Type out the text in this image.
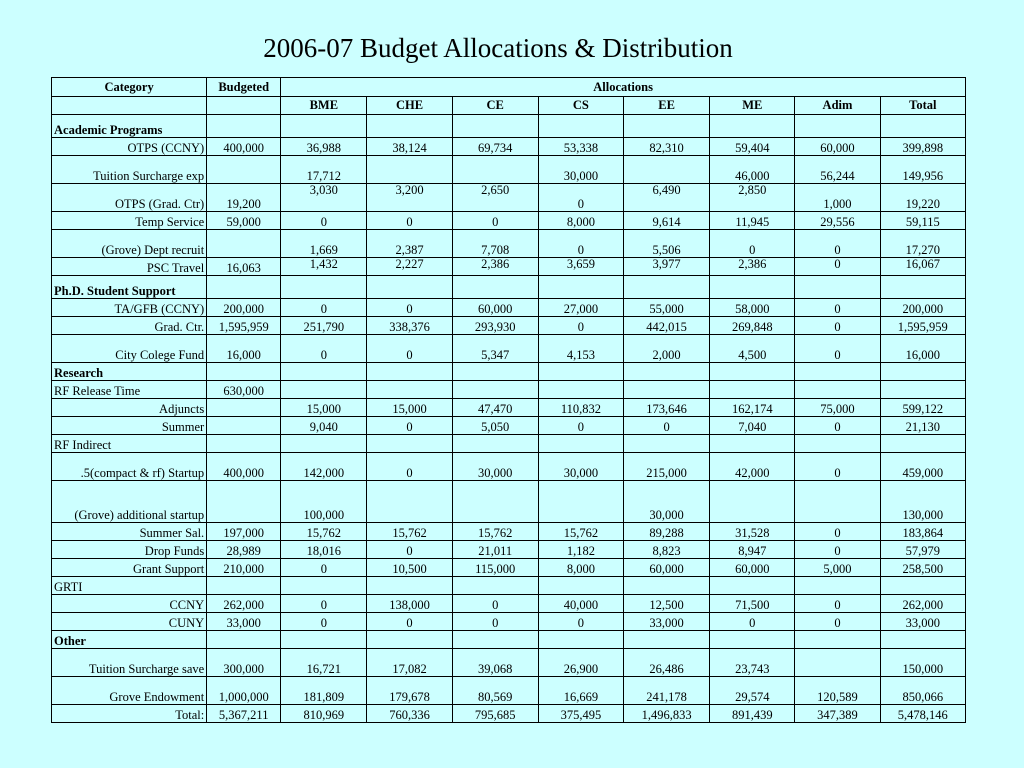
2006-07 Budget Allocations & Distribution
Category	Budgeted	Allocations							
		BME	CHE	CE	CS	EE	ME	Adim	Total
Academic Programs									
OTPS (CCNY)	400,000	36,988	38,124	69,734	53,338	82,310	59,404	60,000	399,898
Tuition Surcharge exp		17,712			30,000		46,000	56,244	149,956
OTPS (Grad. Ctr)	19,200	3,030	3,200	2,650	0	6,490	2,850	1,000	19,220
Temp Service	59,000	0	0	0	8,000	9,614	11,945	29,556	59,115
(Grove) Dept recruit		1,669	2,387	7,708	0	5,506	0	0	17,270
PSC Travel	16,063	1,432	2,227	2,386	3,659	3,977	2,386	0	16,067
Ph.D. Student Support									
TA/GFB (CCNY)	200,000	0	0	60,000	27,000	55,000	58,000	0	200,000
Grad. Ctr.	1,595,959	251,790	338,376	293,930	0	442,015	269,848	0	1,595,959
City Colege Fund	16,000	0	0	5,347	4,153	2,000	4,500	0	16,000
Research									
RF Release Time	630,000								
Adjuncts		15,000	15,000	47,470	110,832	173,646	162,174	75,000	599,122
Summer		9,040	0	5,050	0	0	7,040	0	21,130
RF Indirect									
.5(compact & rf) Startup	400,000	142,000	0	30,000	30,000	215,000	42,000	0	459,000
(Grove) additional startup		100,000				30,000			130,000
Summer Sal.	197,000	15,762	15,762	15,762	15,762	89,288	31,528	0	183,864
Drop Funds	28,989	18,016	0	21,011	1,182	8,823	8,947	0	57,979
Grant Support	210,000	0	10,500	115,000	8,000	60,000	60,000	5,000	258,500
GRTI									
CCNY	262,000	0	138,000	0	40,000	12,500	71,500	0	262,000
CUNY	33,000	0	0	0	0	33,000	0	0	33,000
Other									
Tuition Surcharge save	300,000	16,721	17,082	39,068	26,900	26,486	23,743		150,000
Grove Endowment	1,000,000	181,809	179,678	80,569	16,669	241,178	29,574	120,589	850,066
Total:	5,367,211	810,969	760,336	795,685	375,495	1,496,833	891,439	347,389	5,478,146
